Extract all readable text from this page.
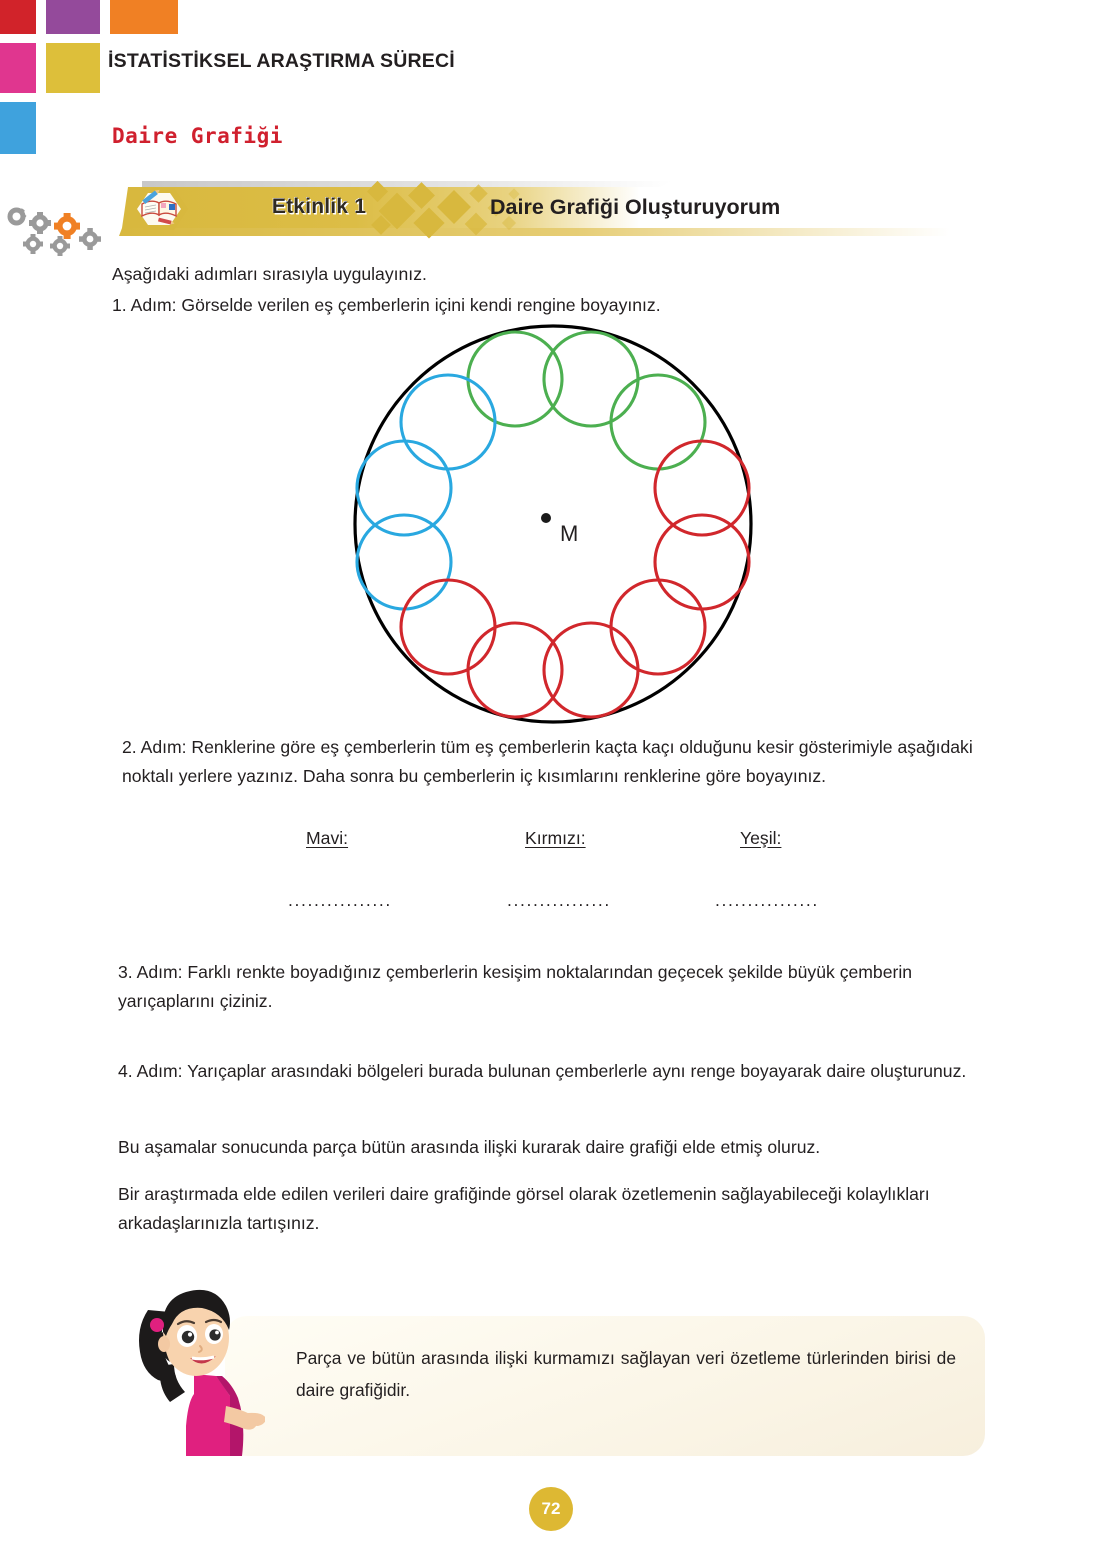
İSTATİSTİKSEL ARAŞTIRMA SÜRECİ
Daire Grafiği
Etkinlik 1	Daire Grafiği Oluşturuyorum
Aşağıdaki adımları sırasıyla uygulayınız.
1. Adım: Görselde verilen eş çemberlerin içini kendi rengine boyayınız.
M
2. Adım: Renklerine göre eş çemberlerin tüm eş çemberlerin kaçta kaçı olduğunu kesir gösterimiyle aşağıdaki noktalı yerlere yazınız. Daha sonra bu çemberlerin iç kısımlarını renklerine göre boyayınız.
Mavi:	Kırmızı:	Yeşil:
................	................	................
3. Adım: Farklı renkte boyadığınız çemberlerin kesişim noktalarından geçecek şekilde büyük çemberin yarıçaplarını çiziniz.
4. Adım: Yarıçaplar arasındaki bölgeleri burada bulunan çemberlerle aynı renge boyayarak daire oluşturunuz.
Bu aşamalar sonucunda parça bütün arasında ilişki kurarak daire grafiği elde etmiş oluruz.
Bir araştırmada elde edilen verileri daire grafiğinde görsel olarak özetlemenin sağlayabileceği kolaylıkları arkadaşlarınızla tartışınız.
Parça ve bütün arasında ilişki kurmamızı sağlayan veri özetleme türlerinden birisi de daire grafiğidir.
72
